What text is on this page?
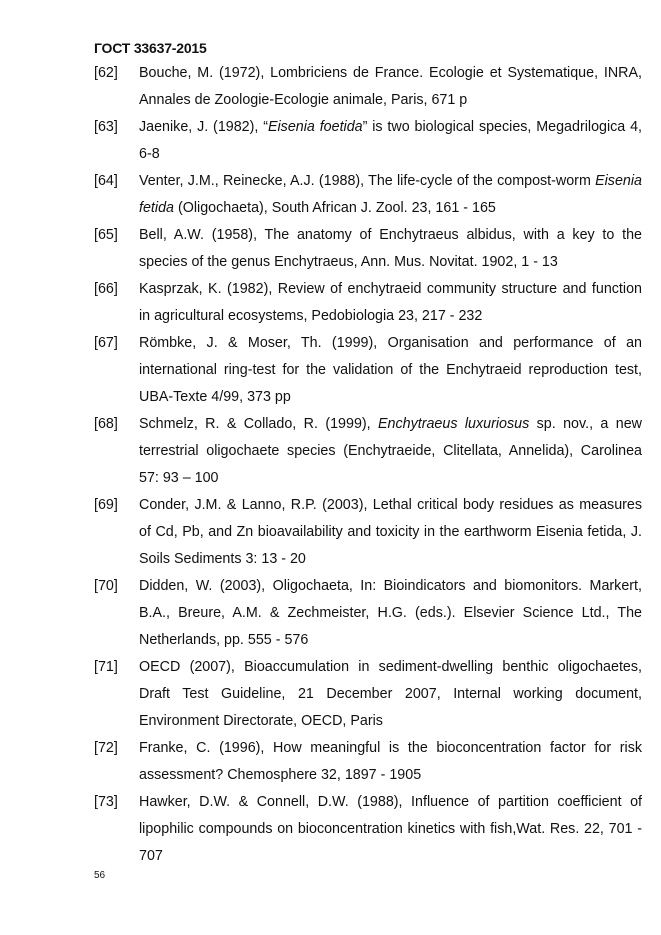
ГОСТ 33637-2015
[62]	Bouche, M. (1972), Lombriciens de France. Ecologie et Systematique, INRA, Annales de Zoologie-Ecologie animale, Paris, 671 p
[63]	Jaenike, J. (1982), “Eisenia foetida” is two biological species, Megadrilogica 4, 6-8
[64]	Venter, J.M., Reinecke, A.J. (1988), The life-cycle of the compost-worm Eisenia fetida (Oligochaeta), South African J. Zool. 23, 161 - 165
[65]	Bell, A.W. (1958), The anatomy of Enchytraeus albidus, with a key to the species of the genus Enchytraeus, Ann. Mus. Novitat. 1902, 1 - 13
[66]	Kasprzak, K. (1982), Review of enchytraeid community structure and function in agricultural ecosystems, Pedobiologia 23, 217 - 232
[67]	Römbke, J. & Moser, Th. (1999), Organisation and performance of an international ring-test for the validation of the Enchytraeid reproduction test, UBA-Texte 4/99, 373 pp
[68]	Schmelz, R. & Collado, R. (1999), Enchytraeus luxuriosus sp. nov., a new terrestrial oligochaete species (Enchytraeide, Clitellata, Annelida), Carolinea 57: 93 – 100
[69]	Conder, J.M. & Lanno, R.P. (2003), Lethal critical body residues as measures of Cd, Pb, and Zn bioavailability and toxicity in the earthworm Eisenia fetida, J. Soils Sediments 3: 13 - 20
[70]	Didden, W. (2003), Oligochaeta, In: Bioindicators and biomonitors. Markert, B.A., Breure, A.M. & Zechmeister, H.G. (eds.). Elsevier Science Ltd., The Netherlands, pp. 555 - 576
[71]	OECD (2007), Bioaccumulation in sediment-dwelling benthic oligochaetes, Draft Test Guideline, 21 December 2007, Internal working document, Environment Directorate, OECD, Paris
[72]	Franke, C. (1996), How meaningful is the bioconcentration factor for risk assessment? Chemosphere 32, 1897 - 1905
[73]	Hawker, D.W. & Connell, D.W. (1988), Influence of partition coefficient of lipophilic compounds on bioconcentration kinetics with fish,Wat. Res. 22, 701 - 707
56
